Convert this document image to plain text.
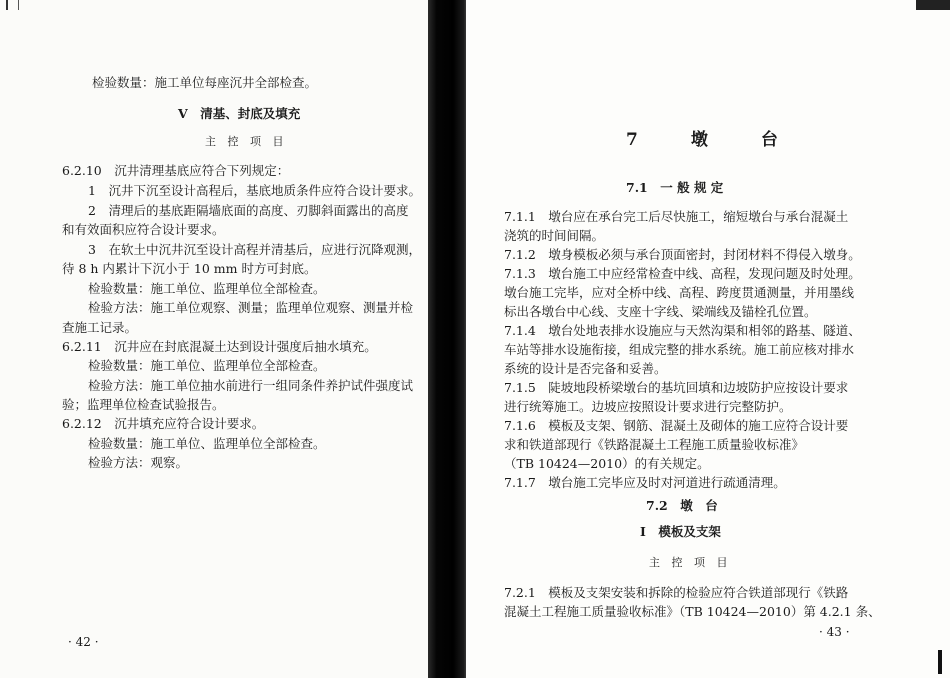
检验数量：施工单位每座沉井全部检查。
V　清基、封底及填充
主 控 项 目
6.2.10　沉井清理基底应符合下列规定：
1　沉井下沉至设计高程后，基底地质条件应符合设计要求。
2　清理后的基底距隔墙底面的高度、刃脚斜面露出的高度
和有效面积应符合设计要求。
3　在软土中沉井沉至设计高程并清基后，应进行沉降观测，
待 8 h 内累计下沉小于 10 mm 时方可封底。
检验数量：施工单位、监理单位全部检查。
检验方法：施工单位观察、测量；监理单位观察、测量并检
查施工记录。
6.2.11　沉井应在封底混凝土达到设计强度后抽水填充。
检验数量：施工单位、监理单位全部检查。
检验方法：施工单位抽水前进行一组同条件养护试件强度试
验；监理单位检查试验报告。
6.2.12　沉井填充应符合设计要求。
检验数量：施工单位、监理单位全部检查。
检验方法：观察。
· 42 ·
7　墩　台
7.1　一 般 规 定
7.1.1　墩台应在承台完工后尽快施工，缩短墩台与承台混凝土
浇筑的时间间隔。
7.1.2　墩身模板必须与承台顶面密封，封闭材料不得侵入墩身。
7.1.3　墩台施工中应经常检查中线、高程，发现问题及时处理。
墩台施工完毕，应对全桥中线、高程、跨度贯通测量，并用墨线
标出各墩台中心线、支座十字线、梁端线及锚栓孔位置。
7.1.4　墩台处地表排水设施应与天然沟渠和相邻的路基、隧道、
车站等排水设施衔接，组成完整的排水系统。施工前应核对排水
系统的设计是否完备和妥善。
7.1.5　陡坡地段桥梁墩台的基坑回填和边坡防护应按设计要求
进行统筹施工。边坡应按照设计要求进行完整防护。
7.1.6　模板及支架、钢筋、混凝土及砌体的施工应符合设计要
求和铁道部现行《铁路混凝土工程施工质量验收标准》
（TB 10424—2010）的有关规定。
7.1.7　墩台施工完毕应及时对河道进行疏通清理。
7.2　墩　台
Ⅰ　模板及支架
主 控 项 目
7.2.1　模板及支架安装和拆除的检验应符合铁道部现行《铁路
混凝土工程施工质量验收标准》（TB 10424—2010）第 4.2.1 条、
· 43 ·
